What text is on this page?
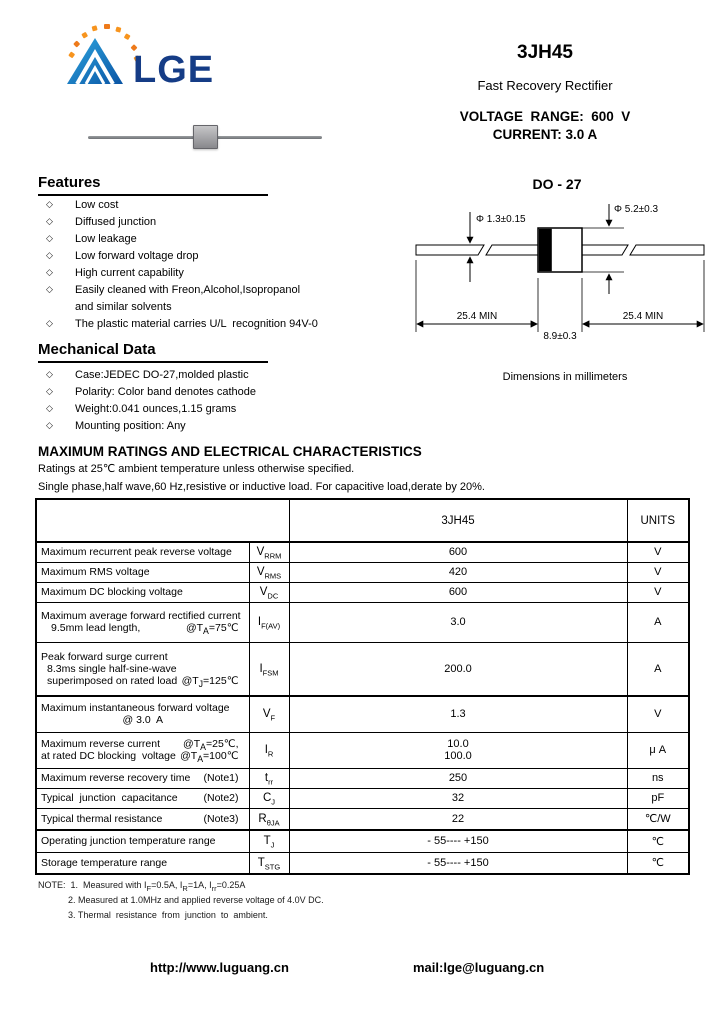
LGE	3JH45
Fast Recovery Rectifier
VOLTAGE  RANGE:  600  V
CURRENT: 3.0 A
Features
◇	Low cost
◇	Diffused junction
◇	Low leakage
◇	Low forward voltage drop
◇	High current capability
◇	Easily cleaned with Freon,Alcohol,Isopropanol
and similar solvents
◇	The plastic material carries U/L  recognition 94V-0
DO - 27
Φ 1.3±0.15
Φ 5.2±0.3
25.4 MIN	25.4 MIN
8.9±0.3
Dimensions in millimeters
Mechanical Data
◇	Case:JEDEC DO-27,molded plastic
◇	Polarity: Color band denotes cathode
◇	Weight:0.041 ounces,1.15 grams
◇	Mounting position: Any
MAXIMUM RATINGS AND ELECTRICAL CHARACTERISTICS
Ratings at 25℃ ambient temperature unless otherwise specified.
Single phase,half wave,60 Hz,resistive or inductive load. For capacitive load,derate by 20%.
		3JH45	UNITS
Maximum recurrent peak reverse voltage	$V_{RRM}$	600	V
Maximum RMS voltage	$V_{RMS}$	420	V
Maximum DC blocking voltage	$V_{DC}$	600	V

Maximum average forward rectified current
9.5mm lead length, $@T_A=75℃$	$I_{F(AV)}$	3.0	A

Peak forward surge current
8.3ms single half-sine-wave
superimposed on rated load $@T_J=125℃$	$I_{FSM}$	200.0	A

Maximum instantaneous forward voltage
@ 3.0  A	$V_F$	1.3	V

Maximum reverse current $@T_A=25℃$,
at rated DC blocking  voltage $@T_A=100℃$	$I_R$	
10.0
100.0	μ A

Maximum reverse recovery time (Note1)	$t_{rr}$	250	ns

Typical  junction  capacitance (Note2)	$C_J$	32	pF

Typical thermal resistance (Note3)	$R_{\theta JA}$	22	℃/W
Operating junction temperature range	$T_J$	- 55---- +150	℃
Storage temperature range	$T_{STG}$	- 55---- +150	℃
NOTE:  1.  Measured with $I_F=0.5A$, $I_R=1A$, $I_{rr}=0.25A$
2. Measured at 1.0MHz and applied reverse voltage of 4.0V DC.
3. Thermal  resistance  from  junction  to  ambient.
http://www.luguang.cn	mail:lge@luguang.cn
